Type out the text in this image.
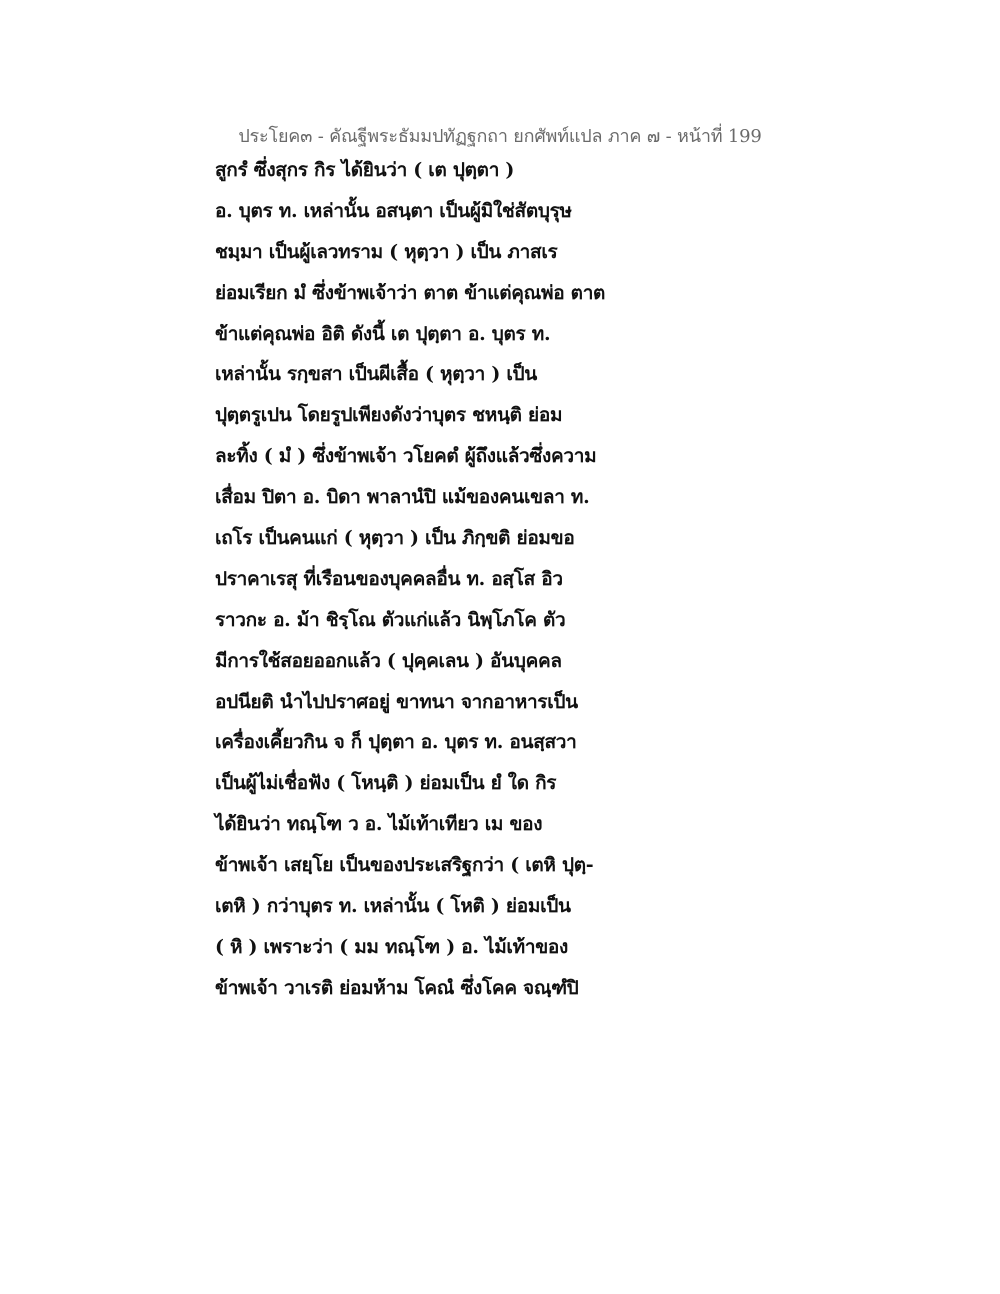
ประโยค๓ - คัณฐีพระธัมมปทัฏฐกถา ยกศัพท์แปล ภาค ๗ - หน้าที่ 199
สูกรํ ซึ่งสุกร กิร ได้ยินว่า ( เต ปุตฺตา )
อ. บุตร ท. เหล่านั้น อสนฺตา เป็นผู้มิใช่สัตบุรุษ
ชมฺมา เป็นผู้เลวทราม ( หุตฺวา ) เป็น ภาสเร
ย่อมเรียก มํ ซึ่งข้าพเจ้าว่า ตาต ข้าแต่คุณพ่อ ตาต
ข้าแต่คุณพ่อ อิติ ดังนี้ เต ปุตฺตา อ. บุตร ท.
เหล่านั้น รกฺขสา เป็นผีเสื้อ ( หุตฺวา ) เป็น
ปุตฺตรูเปน โดยรูปเพียงดังว่าบุตร ชหนฺติ ย่อม
ละทิ้ง ( มํ ) ซึ่งข้าพเจ้า วโยคตํ ผู้ถึงแล้วซึ่งความ
เสื่อม ปิตา อ. บิดา พาลานํปิ แม้ของคนเขลา ท.
เถโร เป็นคนแก่ ( หุตฺวา ) เป็น ภิกฺขติ ย่อมขอ
ปราคาเรสุ ที่เรือนของบุคคลอื่น ท. อสฺโส อิว
ราวกะ อ. ม้า ชิรฺโณ ตัวแก่แล้ว นิพฺโภโค ตัว
มีการใช้สอยออกแล้ว ( ปุคฺคเลน ) อันบุคคล
อปนียติ นำไปปราศอยู่ ขาทนา จากอาหารเป็น
เครื่องเคี้ยวกิน จ ก็ ปุตฺตา อ. บุตร ท. อนสฺสวา
เป็นผู้ไม่เชื่อฟัง ( โหนฺติ ) ย่อมเป็น ยํ ใด กิร
ได้ยินว่า ทณฺโฑ ว อ. ไม้เท้าเทียว เม ของ
ข้าพเจ้า เสยฺโย เป็นของประเสริฐกว่า ( เตหิ ปุตฺ-
เตหิ ) กว่าบุตร ท. เหล่านั้น ( โหติ ) ย่อมเป็น
( หิ ) เพราะว่า ( มม ทณฺโฑ ) อ. ไม้เท้าของ
ข้าพเจ้า วาเรติ ย่อมห้าม โคณํ ซึ่งโคค จณฺฑํปิ
